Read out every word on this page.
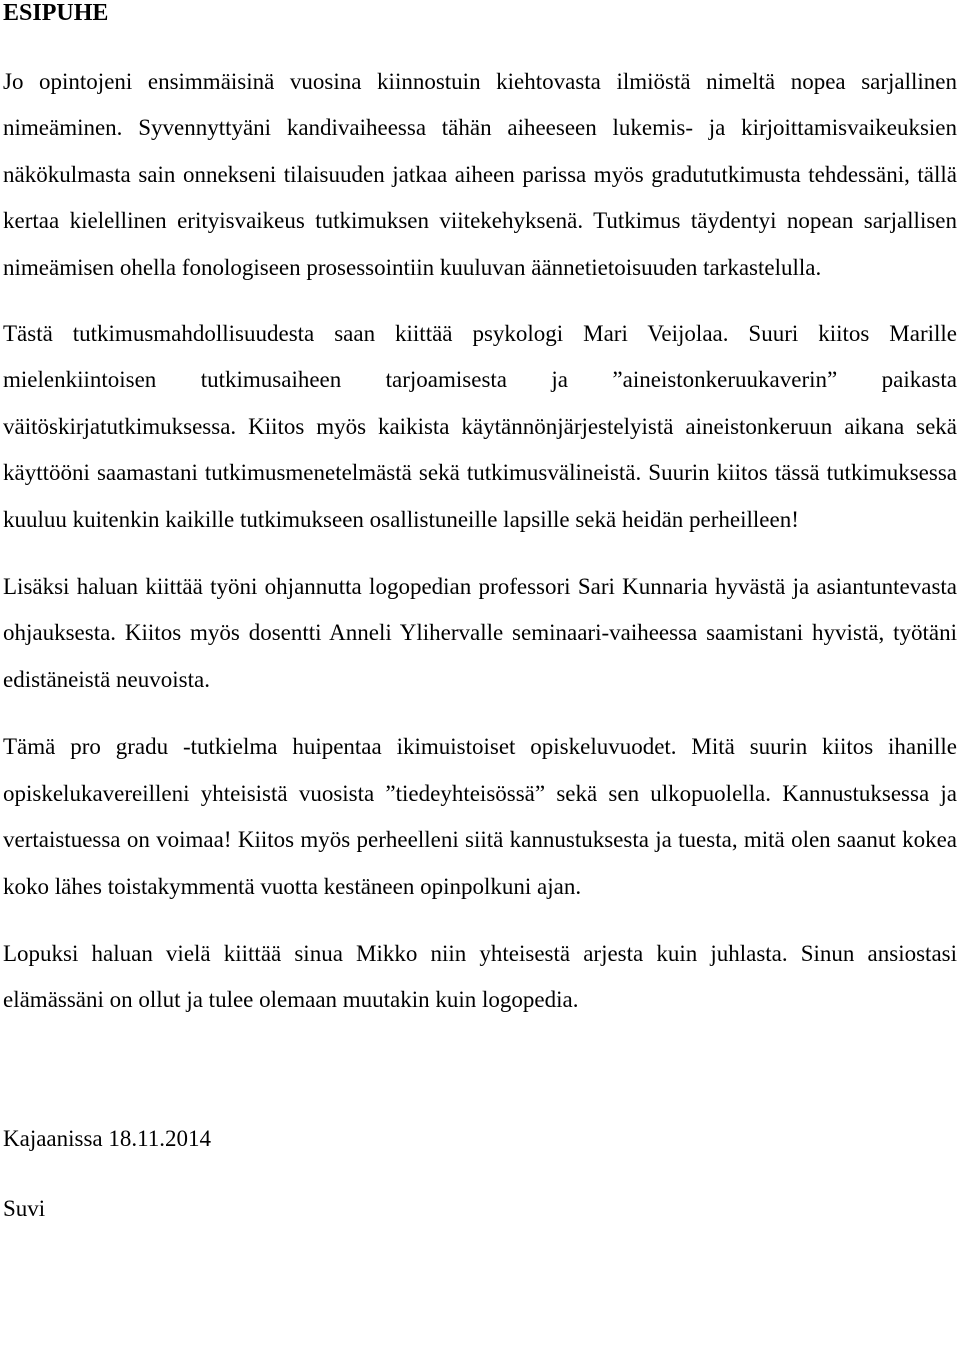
ESIPUHE

Jo opintojeni ensimmäisinä vuosina kiinnostuin kiehtovasta ilmiöstä nimeltä nopea sarjallinen nimeäminen. Syvennyttyäni kandivaiheessa tähän aiheeseen lukemis- ja kirjoittamisvaikeuksien näkökulmasta sain onnekseni tilaisuuden jatkaa aiheen parissa myös gradututkimusta tehdessäni, tällä kertaa kielellinen erityisvaikeus tutkimuksen viitekehyksenä. Tutkimus täydentyi nopean sarjallisen nimeämisen ohella fonologiseen prosessointiin kuuluvan äännetietoisuuden tarkastelulla.

Tästä tutkimusmahdollisuudesta saan kiittää psykologi Mari Veijolaa. Suuri kiitos Marille mielenkiintoisen tutkimusaiheen tarjoamisesta ja ”aineistonkeruukaverin” paikasta väitöskirjatutkimuksessa. Kiitos myös kaikista käytännönjärjestelyistä aineistonkeruun aikana sekä käyttööni saamastani tutkimusmenetelmästä sekä tutkimusvälineistä. Suurin kiitos tässä tutkimuksessa kuuluu kuitenkin kaikille tutkimukseen osallistuneille lapsille sekä heidän perheilleen!

Lisäksi haluan kiittää työni ohjannutta logopedian professori Sari Kunnaria hyvästä ja asiantuntevasta ohjauksesta. Kiitos myös dosentti Anneli Ylihervalle seminaari-vaiheessa saamistani hyvistä, työtäni edistäneistä neuvoista.

Tämä pro gradu -tutkielma huipentaa ikimuistoiset opiskeluvuodet. Mitä suurin kiitos ihanille opiskelukavereilleni yhteisistä vuosista ”tiedeyhteisössä” sekä sen ulkopuolella. Kannustuksessa ja vertaistuessa on voimaa! Kiitos myös perheelleni siitä kannustuksesta ja tuesta, mitä olen saanut kokea koko lähes toistakymmentä vuotta kestäneen opinpolkuni ajan.

Lopuksi haluan vielä kiittää sinua Mikko niin yhteisestä arjesta kuin juhlasta. Sinun ansiostasi elämässäni on ollut ja tulee olemaan muutakin kuin logopedia.

Kajaanissa 18.11.2014

Suvi
